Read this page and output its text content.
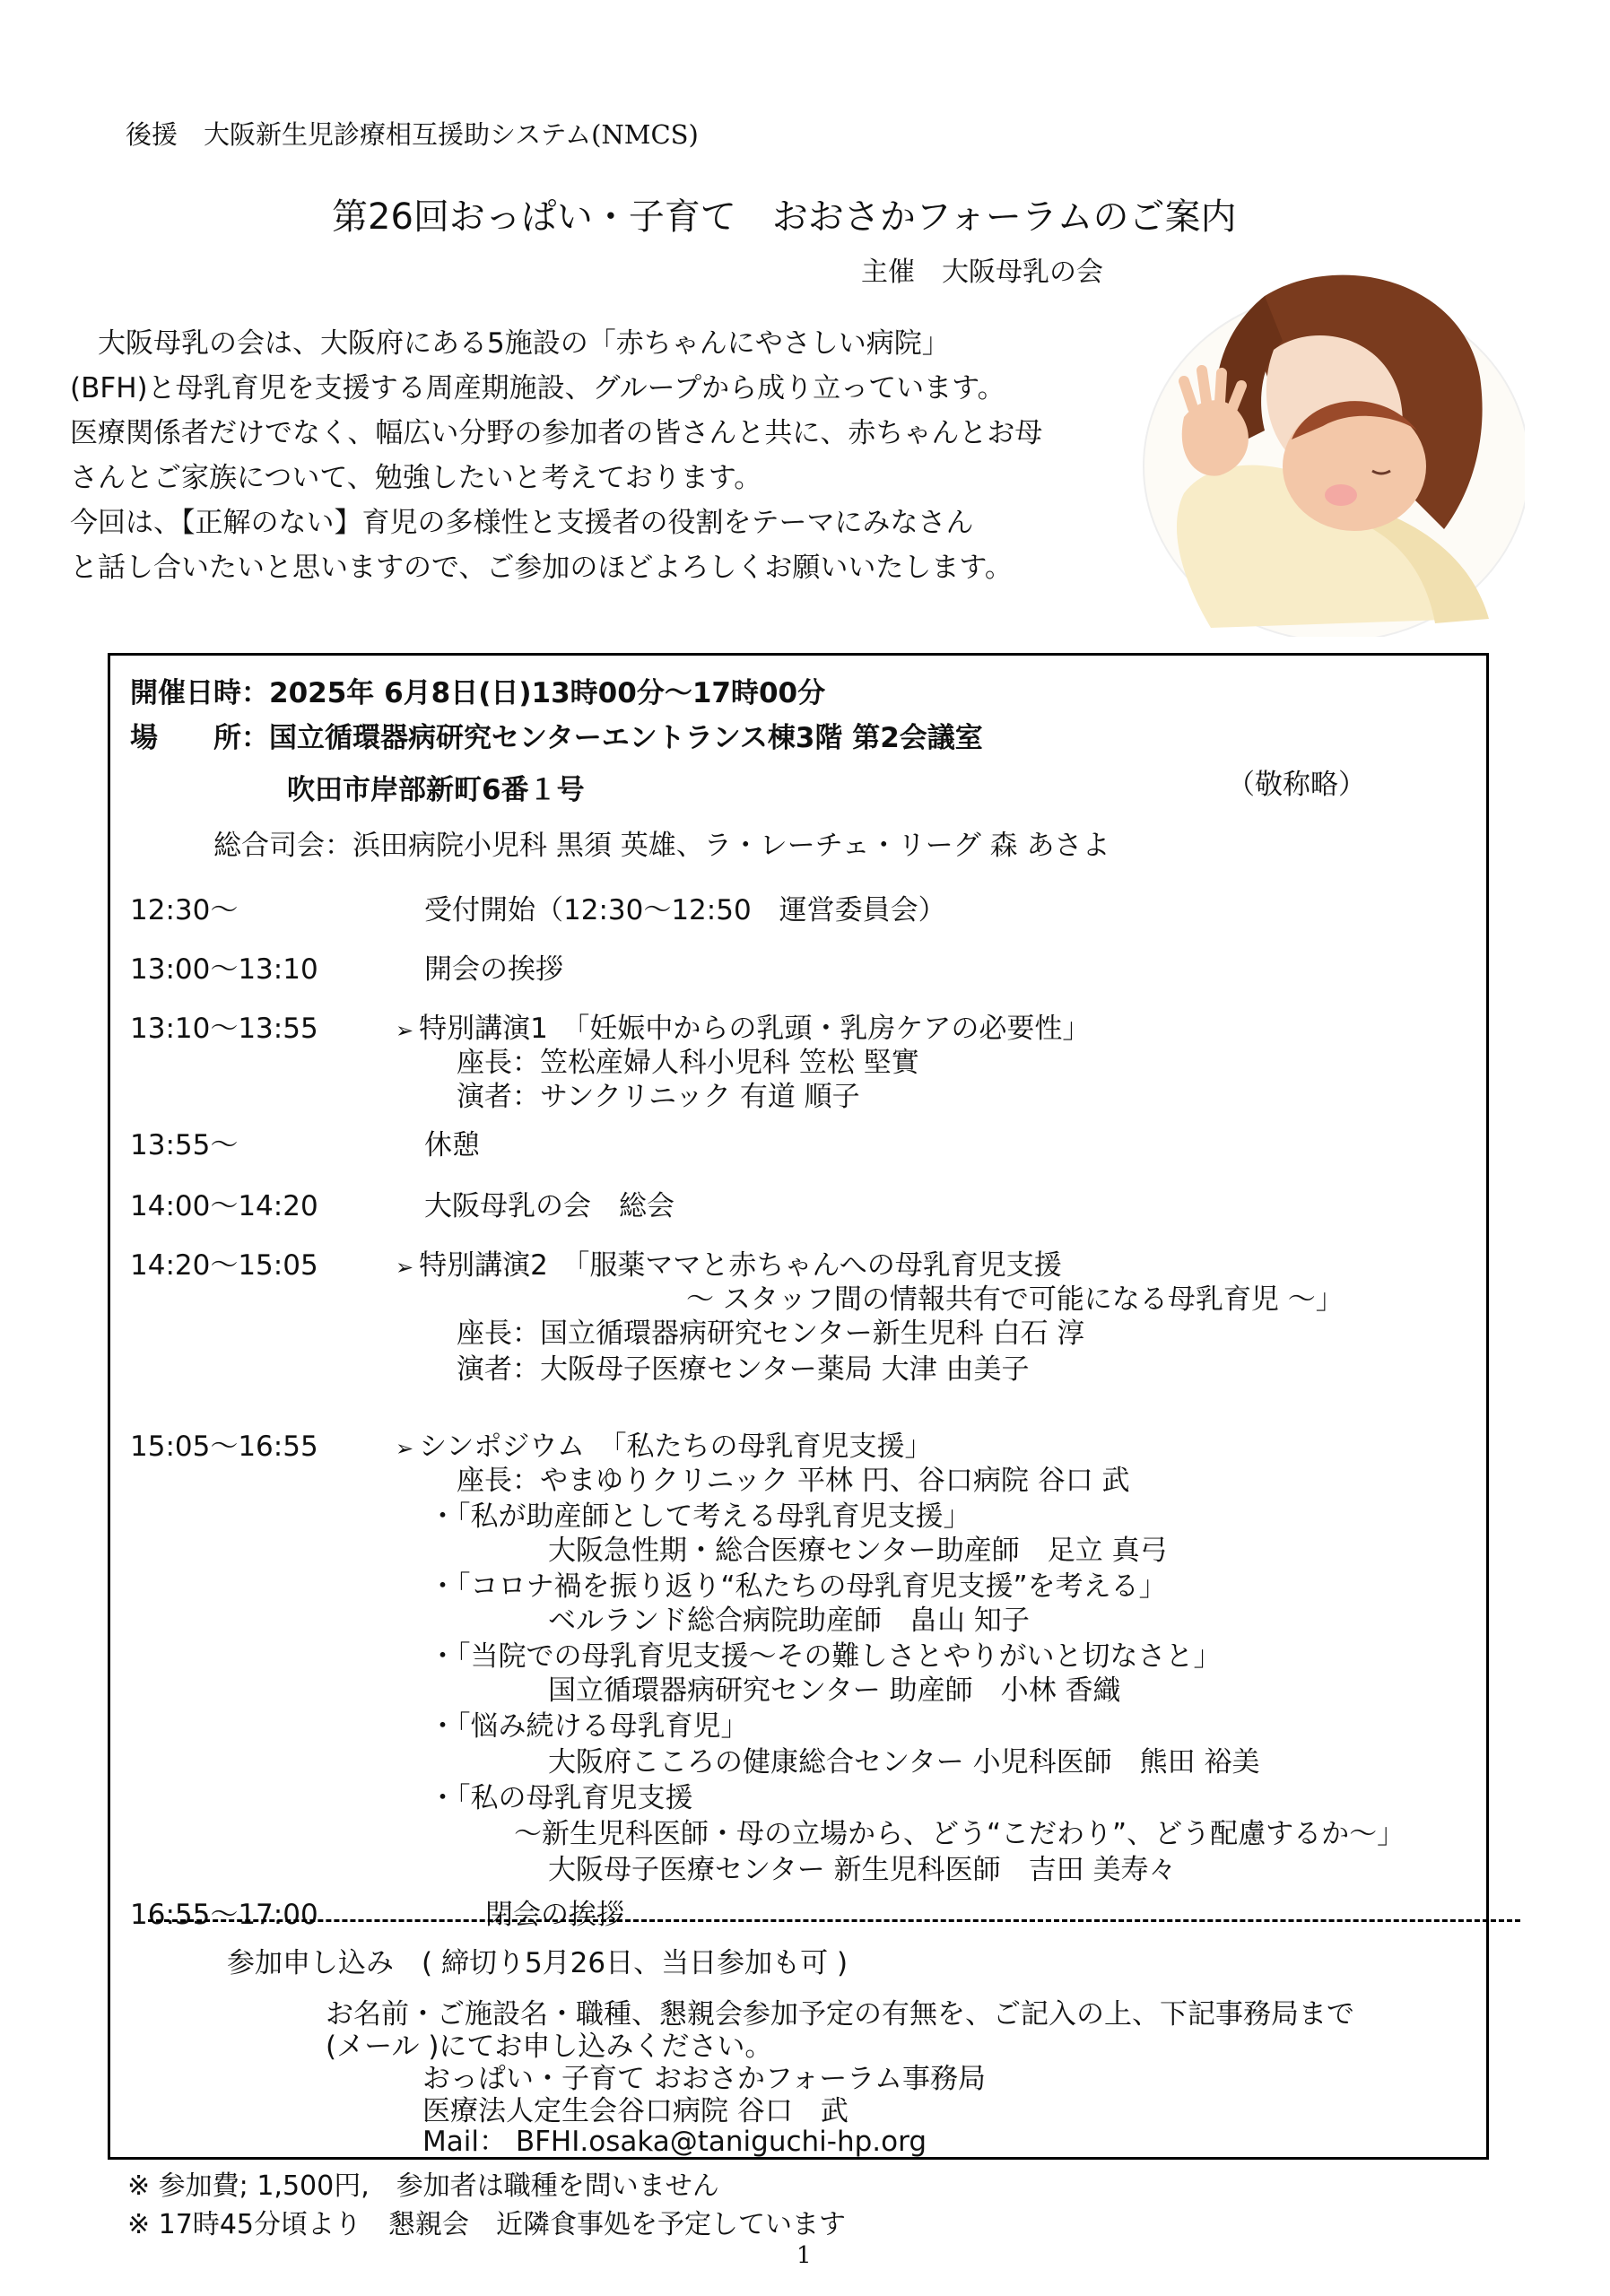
後援　大阪新生児診療相互援助システム(NMCS)
第26回おっぱい・子育て　おおさかフォーラムのご案内
主催　大阪母乳の会
　大阪母乳の会は、大阪府にある5施設の「赤ちゃんにやさしい病院」
(BFH)と母乳育児を支援する周産期施設、グループから成り立っています。
医療関係者だけでなく、幅広い分野の参加者の皆さんと共に、赤ちゃんとお母
さんとご家族について、勉強したいと考えております。
今回は、【正解のない】育児の多様性と支援者の役割をテーマにみなさん
と話し合いたいと思いますので、ご参加のほどよろしくお願いいたします。
開催日時：2025年 6月8日(日)13時00分～17時00分
場　　所：国立循環器病研究センターエントランス棟3階 第2会議室
吹田市岸部新町6番１号	（敬称略）
総合司会：浜田病院小児科 黒須 英雄、ラ・レーチェ・リーグ 森 あさよ
12:30～	受付開始（12:30～12:50　運営委員会）
13:00～13:10	開会の挨拶
13:10～13:55	➢ 特別講演1　「妊娠中からの乳頭・乳房ケアの必要性」
座長：笠松産婦人科小児科 笠松 堅實
演者：サンクリニック 有道 順子
13:55～	休憩
14:00～14:20	大阪母乳の会　総会
14:20～15:05	➢ 特別講演2　「服薬ママと赤ちゃんへの母乳育児支援
～ スタッフ間の情報共有で可能になる母乳育児 ～」
座長：国立循環器病研究センター新生児科 白石 淳
演者：大阪母子医療センター薬局 大津 由美子
15:05～16:55	➢ シンポジウム　「私たちの母乳育児支援」
座長：やまゆりクリニック 平林 円、谷口病院 谷口 武
・「私が助産師として考える母乳育児支援」
大阪急性期・総合医療センター助産師　足立 真弓
・「コロナ禍を振り返り“私たちの母乳育児支援”を考える」
ベルランド総合病院助産師　畠山 知子
・「当院での母乳育児支援～その難しさとやりがいと切なさと」
国立循環器病研究センター 助産師　小林 香織
・「悩み続ける母乳育児」
大阪府こころの健康総合センター 小児科医師　熊田 裕美
・「私の母乳育児支援
～新生児科医師・母の立場から、どう“こだわり”、どう配慮するか～」
大阪母子医療センター 新生児科医師　吉田 美寿々
16:55～17:00	閉会の挨拶
参加申し込み　( 締切り5月26日、当日参加も可 )
お名前・ご施設名・職種、懇親会参加予定の有無を、ご記入の上、下記事務局まで
(メール )にてお申し込みください。
おっぱい・子育て おおさかフォーラム事務局
医療法人定生会谷口病院 谷口　武
Mail： BFHI.osaka@taniguchi-hp.org
※ 参加費; 1,500円,　参加者は職種を問いません
※ 17時45分頃より　懇親会　近隣食事処を予定しています
1
